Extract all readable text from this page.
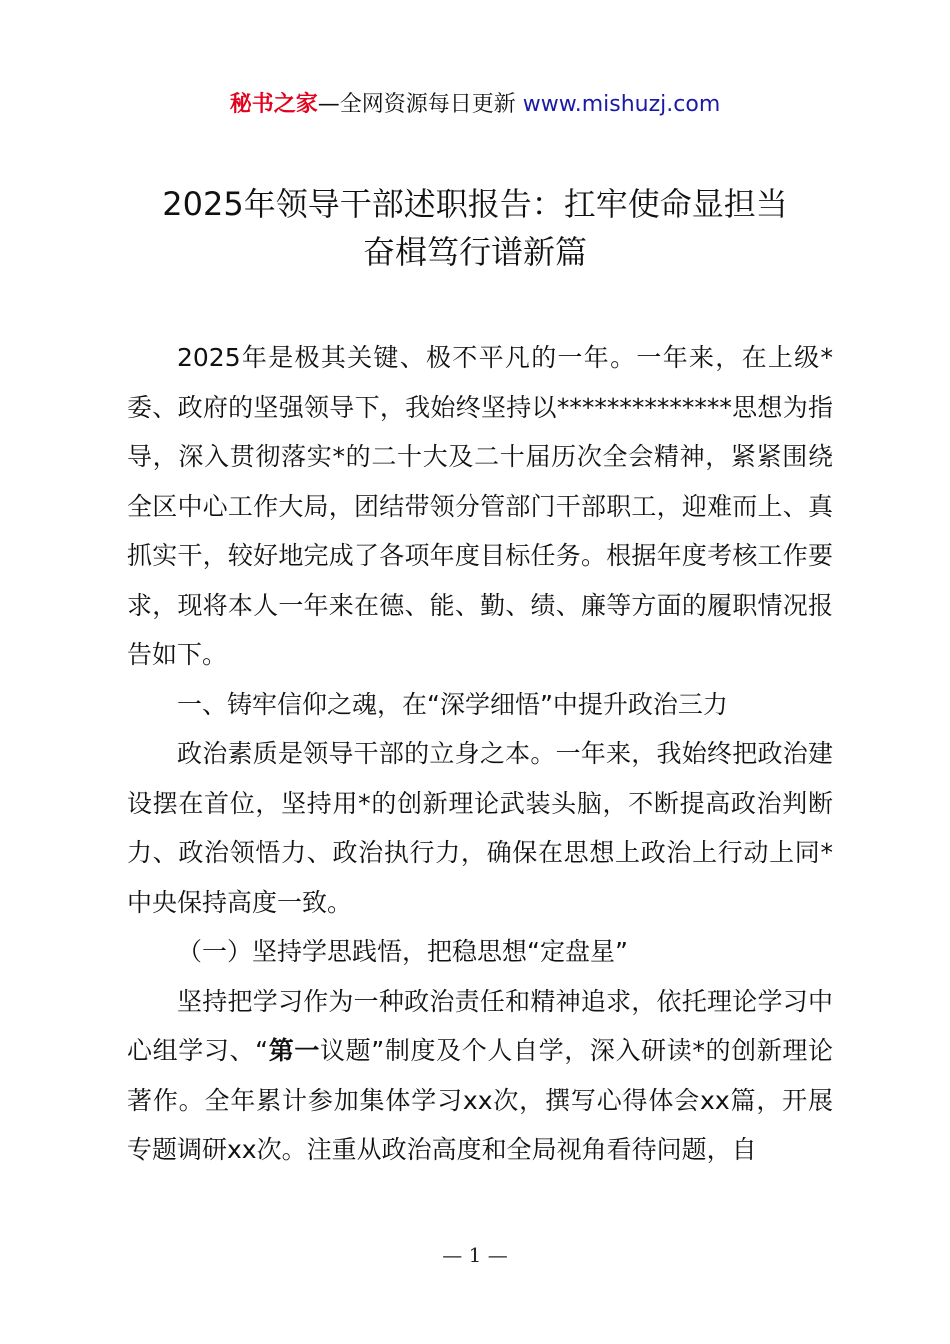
秘书之家—全网资源每日更新 www.mishuzj.com
2025年领导干部述职报告：扛牢使命显担当
奋楫笃行谱新篇

2025年是极其关键、极不平凡的一年。一年来，在上级*委、政府的坚强领导下，我始终坚持以**************思想为指导，深入贯彻落实*的二十大及二十届历次全会精神，紧紧围绕全区中心工作大局，团结带领分管部门干部职工，迎难而上、真抓实干，较好地完成了各项年度目标任务。根据年度考核工作要求，现将本人一年来在德、能、勤、绩、廉等方面的履职情况报告如下。

一、铸牢信仰之魂，在“深学细悟”中提升政治三力

政治素质是领导干部的立身之本。一年来，我始终把政治建设摆在首位，坚持用*的创新理论武装头脑，不断提高政治判断力、政治领悟力、政治执行力，确保在思想上政治上行动上同*中央保持高度一致。

（一）坚持学思践悟，把稳思想“定盘星”

坚持把学习作为一种政治责任和精神追求，依托理论学习中心组学习、“第一议题”制度及个人自学，深入研读*的创新理论著作。全年累计参加集体学习xx次，撰写心得体会xx篇，开展专题调研xx次。注重从政治高度和全局视角看待问题，自

— 1 —
